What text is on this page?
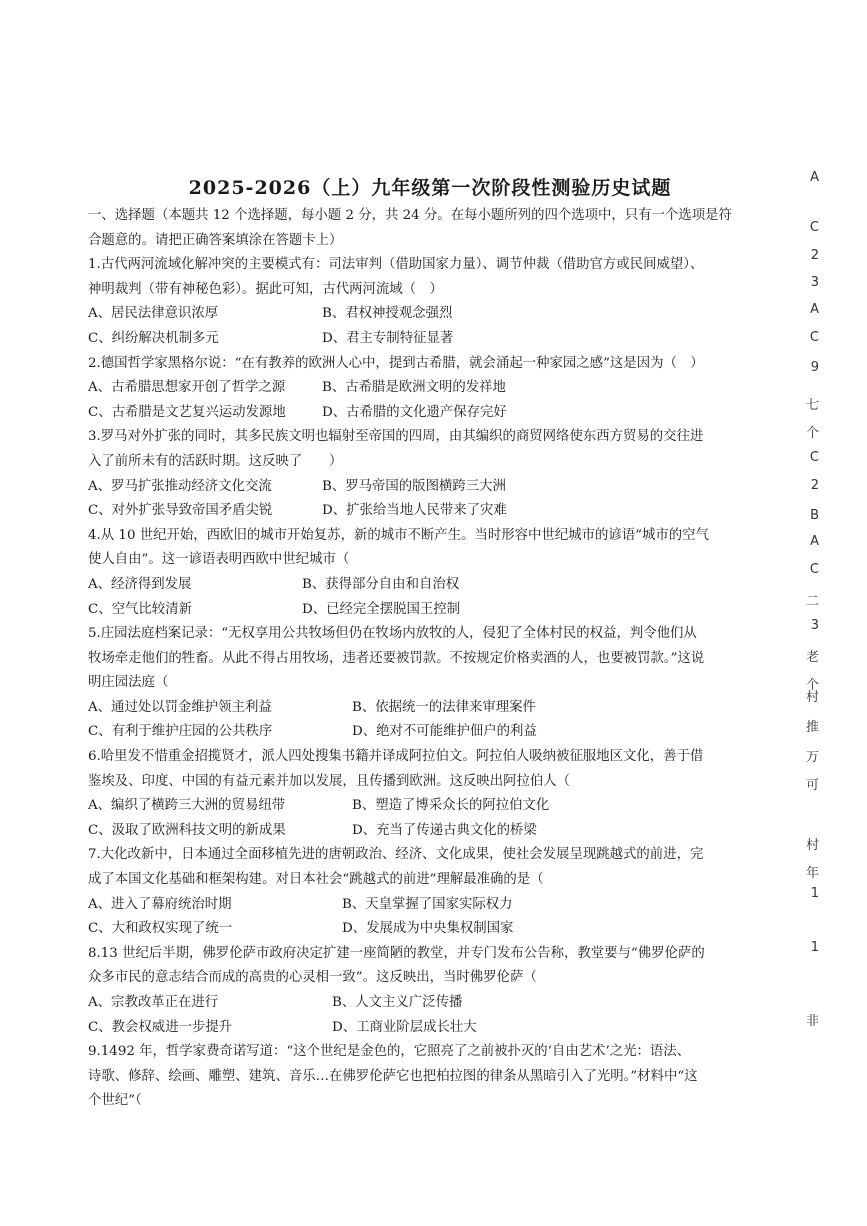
2025-2026（上）九年级第一次阶段性测验历史试题
一、选择题（本题共 12 个选择题，每小题 2 分，共 24 分。在每小题所列的四个选项中，只有一个选项是符
合题意的。请把正确答案填涂在答题卡上）
1.古代两河流域化解冲突的主要模式有：司法审判（借助国家力量）、调节仲裁（借助官方或民间威望）、
神明裁判（带有神秘色彩）。据此可知，古代两河流域（　）
A、居民法律意识浓厚	B、君权神授观念强烈
C、纠纷解决机制多元	D、君主专制特征显著
2.德国哲学家黑格尔说：“在有教养的欧洲人心中，提到古希腊，就会涌起一种家园之感”这是因为（　）
A、古希腊思想家开创了哲学之源	B、古希腊是欧洲文明的发祥地
C、古希腊是文艺复兴运动发源地	D、古希腊的文化遗产保存完好
3.罗马对外扩张的同时，其多民族文明也辐射至帝国的四周，由其编织的商贸网络使东西方贸易的交往进
入了前所未有的活跃时期。这反映了　　）
A、罗马扩张推动经济文化交流	B、罗马帝国的版图横跨三大洲
C、对外扩张导致帝国矛盾尖锐	D、扩张给当地人民带来了灾难
4.从 10 世纪开始，西欧旧的城市开始复苏，新的城市不断产生。当时形容中世纪城市的谚语“城市的空气
使人自由”。这一谚语表明西欧中世纪城市（
A、经济得到发展	B、获得部分自由和自治权
C、空气比较清新	D、已经完全摆脱国王控制
5.庄园法庭档案记录：“无权享用公共牧场但仍在牧场内放牧的人，侵犯了全体村民的权益，判令他们从
牧场牵走他们的牲畜。从此不得占用牧场，违者还要被罚款。不按规定价格卖酒的人，也要被罚款。”这说
明庄园法庭（
A、通过处以罚金维护领主利益	B、依据统一的法律来审理案件
C、有利于维护庄园的公共秩序	D、绝对不可能维护佃户的利益
6.哈里发不惜重金招揽贤才，派人四处搜集书籍并译成阿拉伯文。阿拉伯人吸纳被征服地区文化，善于借
鉴埃及、印度、中国的有益元素并加以发展，且传播到欧洲。这反映出阿拉伯人（
A、编织了横跨三大洲的贸易纽带	B、塑造了博采众长的阿拉伯文化
C、汲取了欧洲科技文明的新成果	D、充当了传递古典文化的桥梁
7.大化改新中，日本通过全面移植先进的唐朝政治、经济、文化成果，使社会发展呈现跳越式的前进，完
成了本国文化基础和框架构建。对日本社会“跳越式的前进”理解最准确的是（
A、进入了幕府统治时期	B、天皇掌握了国家实际权力
C、大和政权实现了统一	D、发展成为中央集权制国家
8.13 世纪后半期，佛罗伦萨市政府决定扩建一座简陋的教堂，并专门发布公告称，教堂要与“佛罗伦萨的
众多市民的意志结合而成的高贵的心灵相一致”。这反映出，当时佛罗伦萨（
A、宗教改革正在进行	B、人文主义广泛传播
C、教会权威进一步提升	D、工商业阶层成长壮大
9.1492 年，哲学家费奇诺写道：“这个世纪是金色的，它照亮了之前被扑灭的‘自由艺术’之光：语法、
诗歌、修辞、绘画、雕塑、建筑、音乐…在佛罗伦萨它也把柏拉图的律条从黑暗引入了光明。”材料中“这
个世纪”（
A
C
2
3
A
C
9
七
个
C
2
B
A
C
二
3
老
个
村
推
万
可
村
年
1
1
非
